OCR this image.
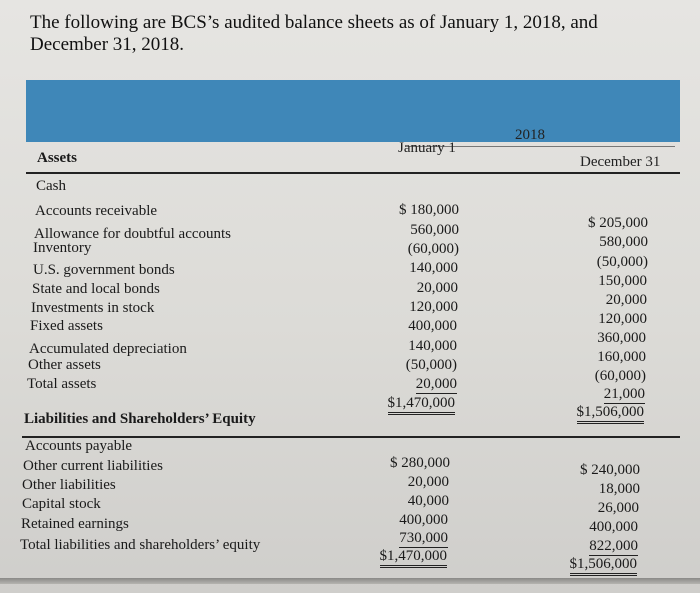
The following are BCS’s audited balance sheets as of January 1, 2018, and December 31, 2018.
2018
January 1
December 31
Assets
Cash
Accounts receivable
Allowance for doubtful accounts
Inventory
U.S. government bonds
State and local bonds
Investments in stock
Fixed assets
Accumulated depreciation
Other assets
Total assets
$ 180,000
560,000
(60,000)
140,000
20,000
120,000
400,000
140,000
(50,000)
20,000
$1,470,000
$ 205,000
580,000
(50,000)
150,000
20,000
120,000
360,000
160,000
(60,000)
21,000
$1,506,000
Liabilities and Shareholders’ Equity
Accounts payable
Other current liabilities
Other liabilities
Capital stock
Retained earnings
Total liabilities and shareholders’ equity
$ 280,000
20,000
40,000
400,000
730,000
$1,470,000
$ 240,000
18,000
26,000
400,000
822,000
$1,506,000
